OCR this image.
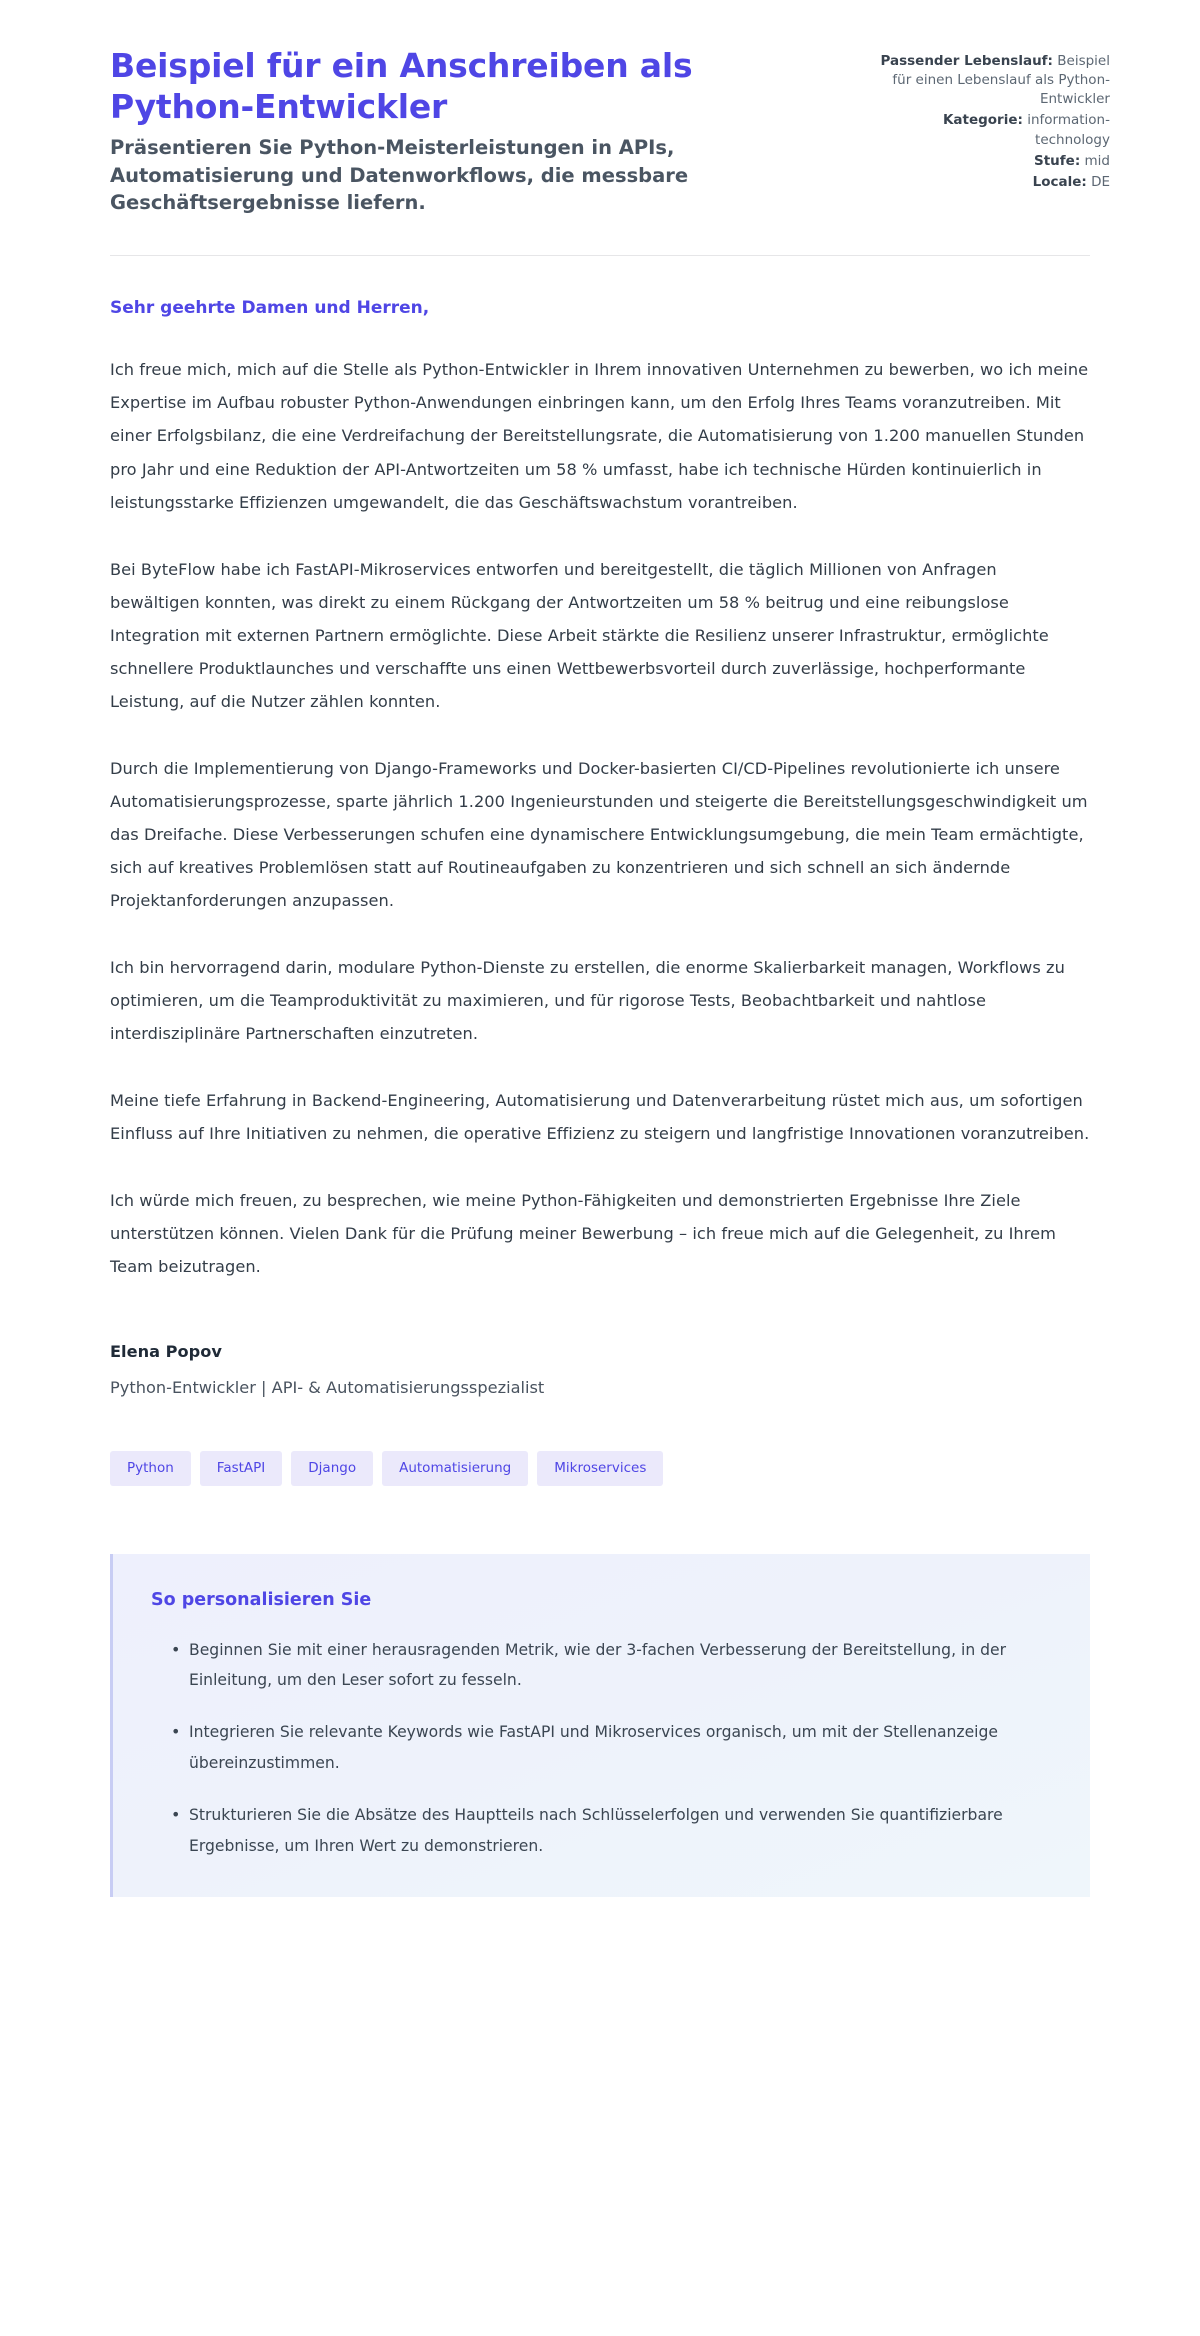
Beispiel für ein Anschreiben als Python-Entwickler

Präsentieren Sie Python-Meisterleistungen in APIs, Automatisierung und Datenworkflows, die messbare Geschäftsergebnisse liefern.

Passender Lebenslauf: Beispiel für einen Lebenslauf als Python-Entwickler
Kategorie: information-technology
Stufe: mid
Locale: DE

Sehr geehrte Damen und Herren,

Ich freue mich, mich auf die Stelle als Python-Entwickler in Ihrem innovativen Unternehmen zu bewerben, wo ich meine Expertise im Aufbau robuster Python-Anwendungen einbringen kann, um den Erfolg Ihres Teams voranzutreiben. Mit einer Erfolgsbilanz, die eine Verdreifachung der Bereitstellungsrate, die Automatisierung von 1.200 manuellen Stunden pro Jahr und eine Reduktion der API-Antwortzeiten um 58 % umfasst, habe ich technische Hürden kontinuierlich in leistungsstarke Effizienzen umgewandelt, die das Geschäftswachstum vorantreiben.

Bei ByteFlow habe ich FastAPI-Mikroservices entworfen und bereitgestellt, die täglich Millionen von Anfragen bewältigen konnten, was direkt zu einem Rückgang der Antwortzeiten um 58 % beitrug und eine reibungslose Integration mit externen Partnern ermöglichte. Diese Arbeit stärkte die Resilienz unserer Infrastruktur, ermöglichte schnellere Produktlaunches und verschaffte uns einen Wettbewerbsvorteil durch zuverlässige, hochperformante Leistung, auf die Nutzer zählen konnten.

Durch die Implementierung von Django-Frameworks und Docker-basierten CI/CD-Pipelines revolutionierte ich unsere Automatisierungsprozesse, sparte jährlich 1.200 Ingenieurstunden und steigerte die Bereitstellungsgeschwindigkeit um das Dreifache. Diese Verbesserungen schufen eine dynamischere Entwicklungsumgebung, die mein Team ermächtigte, sich auf kreatives Problemlösen statt auf Routineaufgaben zu konzentrieren und sich schnell an sich ändernde Projektanforderungen anzupassen.

Ich bin hervorragend darin, modulare Python-Dienste zu erstellen, die enorme Skalierbarkeit managen, Workflows zu optimieren, um die Teamproduktivität zu maximieren, und für rigorose Tests, Beobachtbarkeit und nahtlose interdisziplinäre Partnerschaften einzutreten.

Meine tiefe Erfahrung in Backend-Engineering, Automatisierung und Datenverarbeitung rüstet mich aus, um sofortigen Einfluss auf Ihre Initiativen zu nehmen, die operative Effizienz zu steigern und langfristige Innovationen voranzutreiben.

Ich würde mich freuen, zu besprechen, wie meine Python-Fähigkeiten und demonstrierten Ergebnisse Ihre Ziele unterstützen können. Vielen Dank für die Prüfung meiner Bewerbung – ich freue mich auf die Gelegenheit, zu Ihrem Team beizutragen.

Elena Popov

Python-Entwickler | API- & Automatisierungsspezialist

Python	FastAPI	Django	Automatisierung	Mikroservices

So personalisieren Sie

• Beginnen Sie mit einer herausragenden Metrik, wie der 3-fachen Verbesserung der Bereitstellung, in der Einleitung, um den Leser sofort zu fesseln.
• Integrieren Sie relevante Keywords wie FastAPI und Mikroservices organisch, um mit der Stellenanzeige übereinzustimmen.
• Strukturieren Sie die Absätze des Hauptteils nach Schlüsselerfolgen und verwenden Sie quantifizierbare Ergebnisse, um Ihren Wert zu demonstrieren.
